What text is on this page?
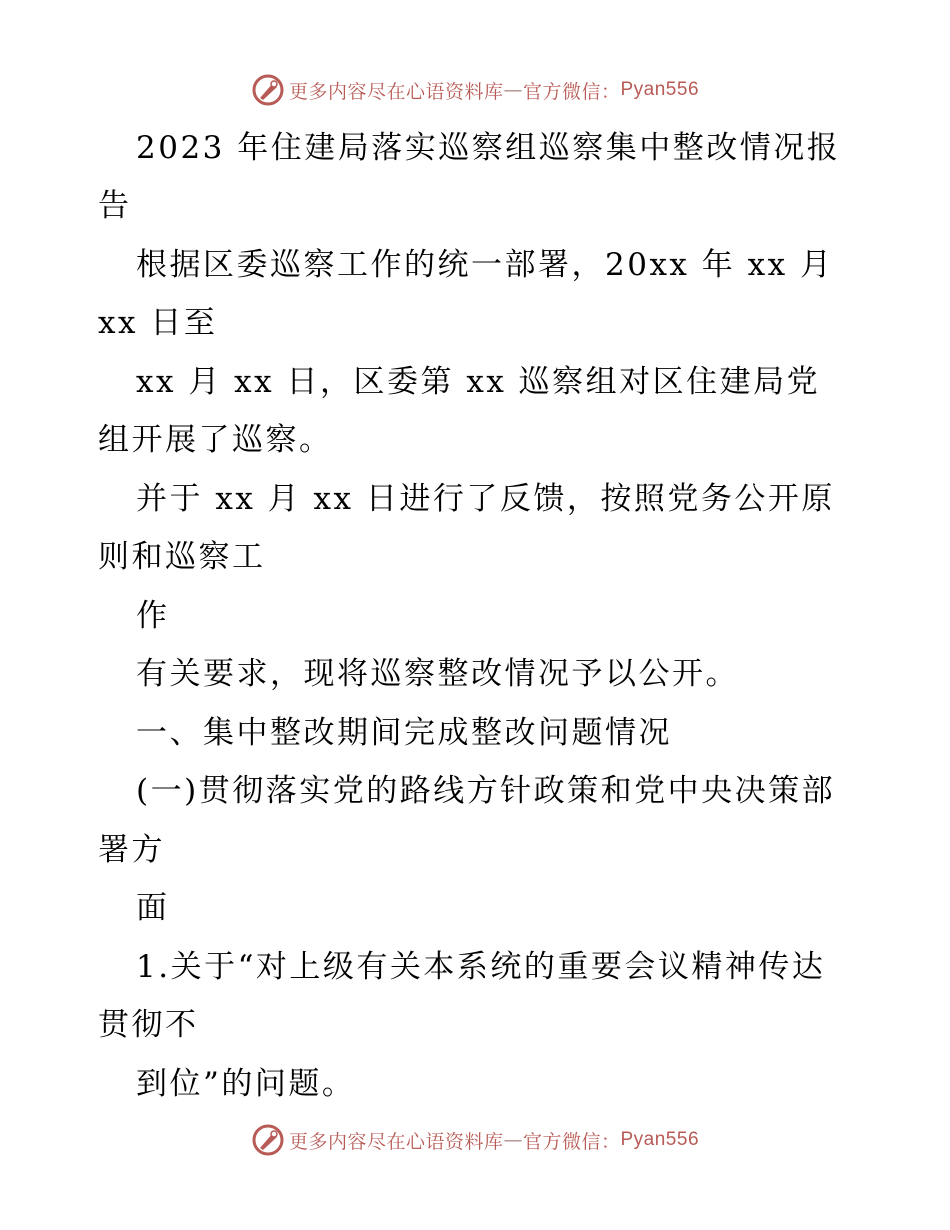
更多内容尽在心语资料库 — 官方微信： Pyan556
2023 年住建局落实巡察组巡察集中整改情况报
告
根据区委巡察工作的统一部署，20xx 年 xx 月
xx 日至
xx 月 xx 日，区委第 xx 巡察组对区住建局党
组开展了巡察。
并于 xx 月 xx 日进行了反馈，按照党务公开原
则和巡察工
作
有关要求，现将巡察整改情况予以公开。
一、集中整改期间完成整改问题情况
(一)贯彻落实党的路线方针政策和党中央决策部
署方
面
1.关于“对上级有关本系统的重要会议精神传达
贯彻不
到位”的问题。
更多内容尽在心语资料库 — 官方微信： Pyan556
